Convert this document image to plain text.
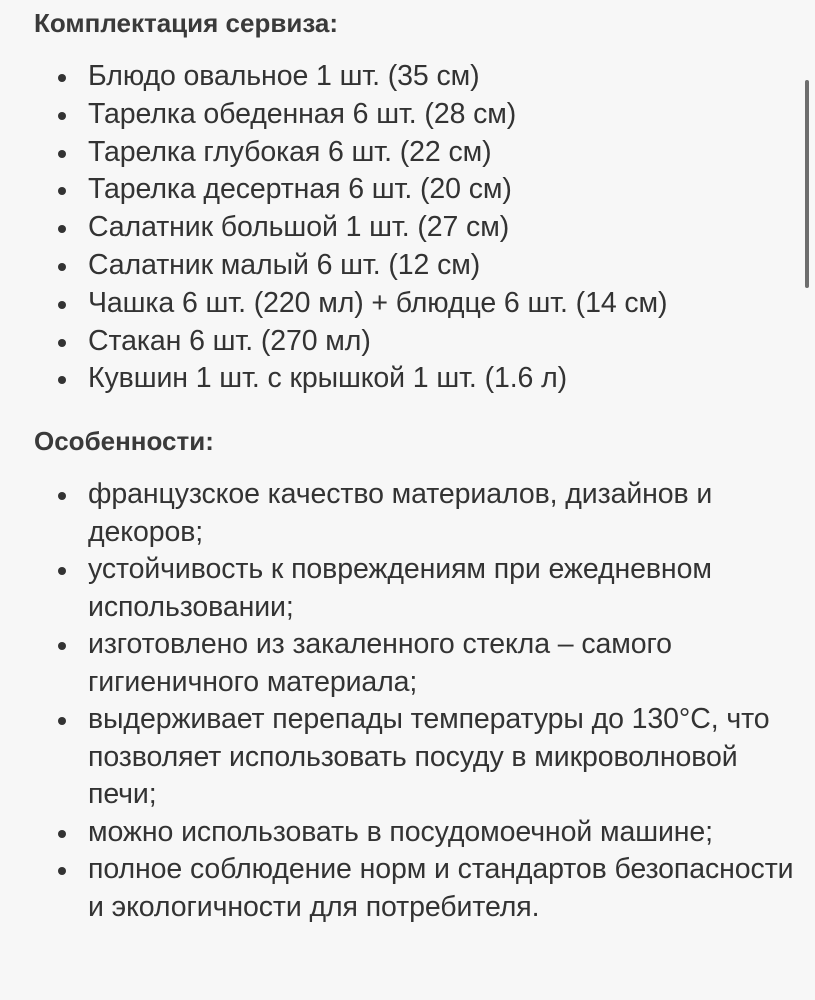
Комплектация сервиза:
Блюдо овальное 1 шт. (35 см)
Тарелка обеденная 6 шт. (28 см)
Тарелка глубокая 6 шт. (22 см)
Тарелка десертная 6 шт. (20 см)
Салатник большой 1 шт. (27 см)
Салатник малый 6 шт. (12 см)
Чашка 6 шт. (220 мл) + блюдце 6 шт. (14 см)
Стакан 6 шт. (270 мл)
Кувшин 1 шт. с крышкой 1 шт. (1.6 л)
Особенности:
французское качество материалов, дизайнов и декоров;
устойчивость к повреждениям при ежедневном использовании;
изготовлено из закаленного стекла – самого гигиеничного материала;
выдерживает перепады температуры до 130°C, что позволяет использовать посуду в микроволновой печи;
можно использовать в посудомоечной машине;
полное соблюдение норм и стандартов безопасности и экологичности для потребителя.
